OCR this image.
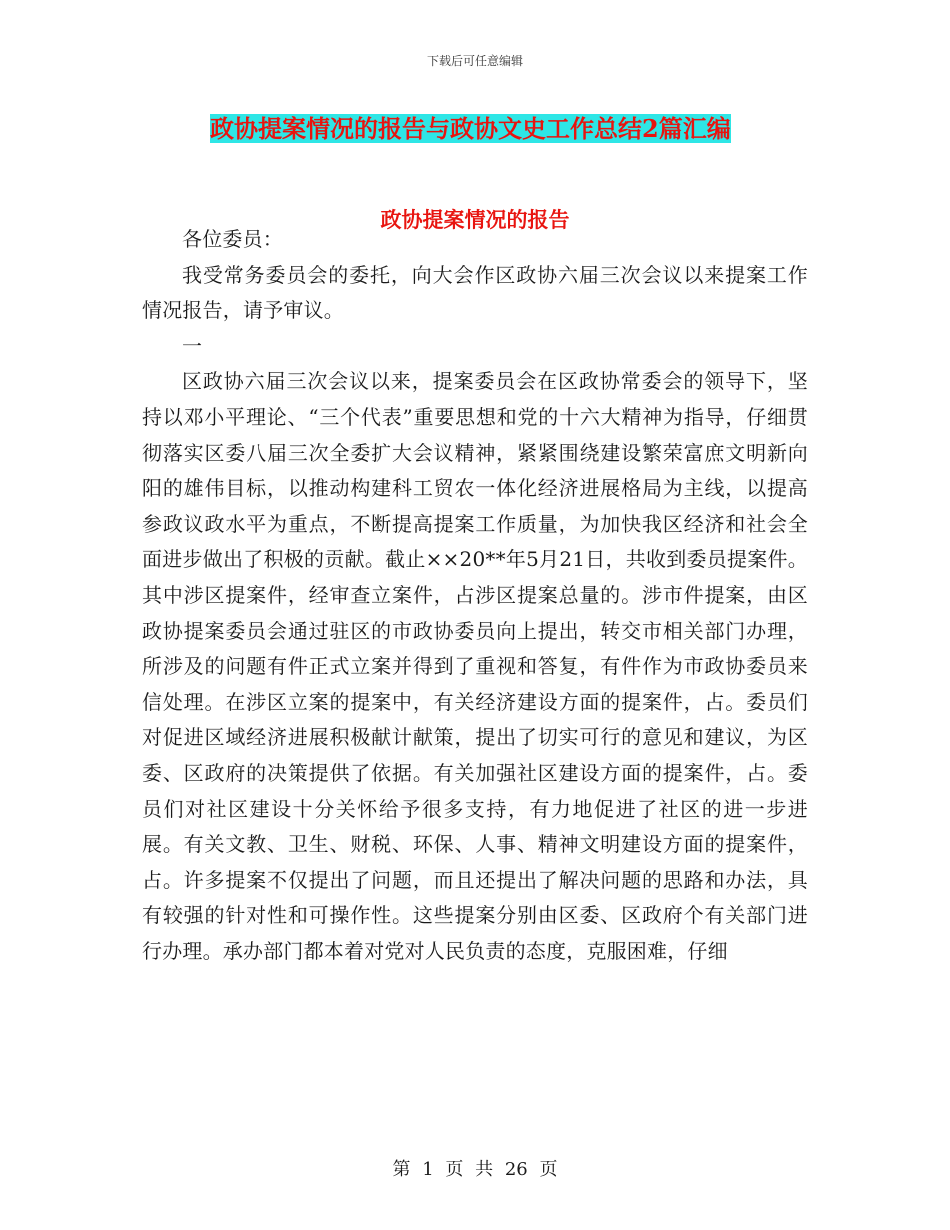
下载后可任意编辑
政协提案情况的报告与政协文史工作总结2篇汇编
政协提案情况的报告

各位委员：

我受常务委员会的委托，向大会作区政协六届三次会议以来提案工作情况报告，请予审议。

一

区政协六届三次会议以来，提案委员会在区政协常委会的领导下，坚持以邓小平理论、“三个代表”重要思想和党的十六大精神为指导，仔细贯彻落实区委八届三次全委扩大会议精神，紧紧围绕建设繁荣富庶文明新向阳的雄伟目标，以推动构建科工贸农一体化经济进展格局为主线，以提高参政议政水平为重点，不断提高提案工作质量，为加快我区经济和社会全面进步做出了积极的贡献。截止××20**年5月21日，共收到委员提案件。其中涉区提案件，经审查立案件，占涉区提案总量的。涉市件提案，由区政协提案委员会通过驻区的市政协委员向上提出，转交市相关部门办理，所涉及的问题有件正式立案并得到了重视和答复，有件作为市政协委员来信处理。在涉区立案的提案中，有关经济建设方面的提案件，占。委员们对促进区域经济进展积极献计献策，提出了切实可行的意见和建议，为区委、区政府的决策提供了依据。有关加强社区建设方面的提案件，占。委员们对社区建设十分关怀给予很多支持，有力地促进了社区的进一步进展。有关文教、卫生、财税、环保、人事、精神文明建设方面的提案件，占。许多提案不仅提出了问题，而且还提出了解决问题的思路和办法，具有较强的针对性和可操作性。这些提案分别由区委、区政府个有关部门进行办理。承办部门都本着对党对人民负责的态度，克服困难，仔细

第 1 页 共 26 页
